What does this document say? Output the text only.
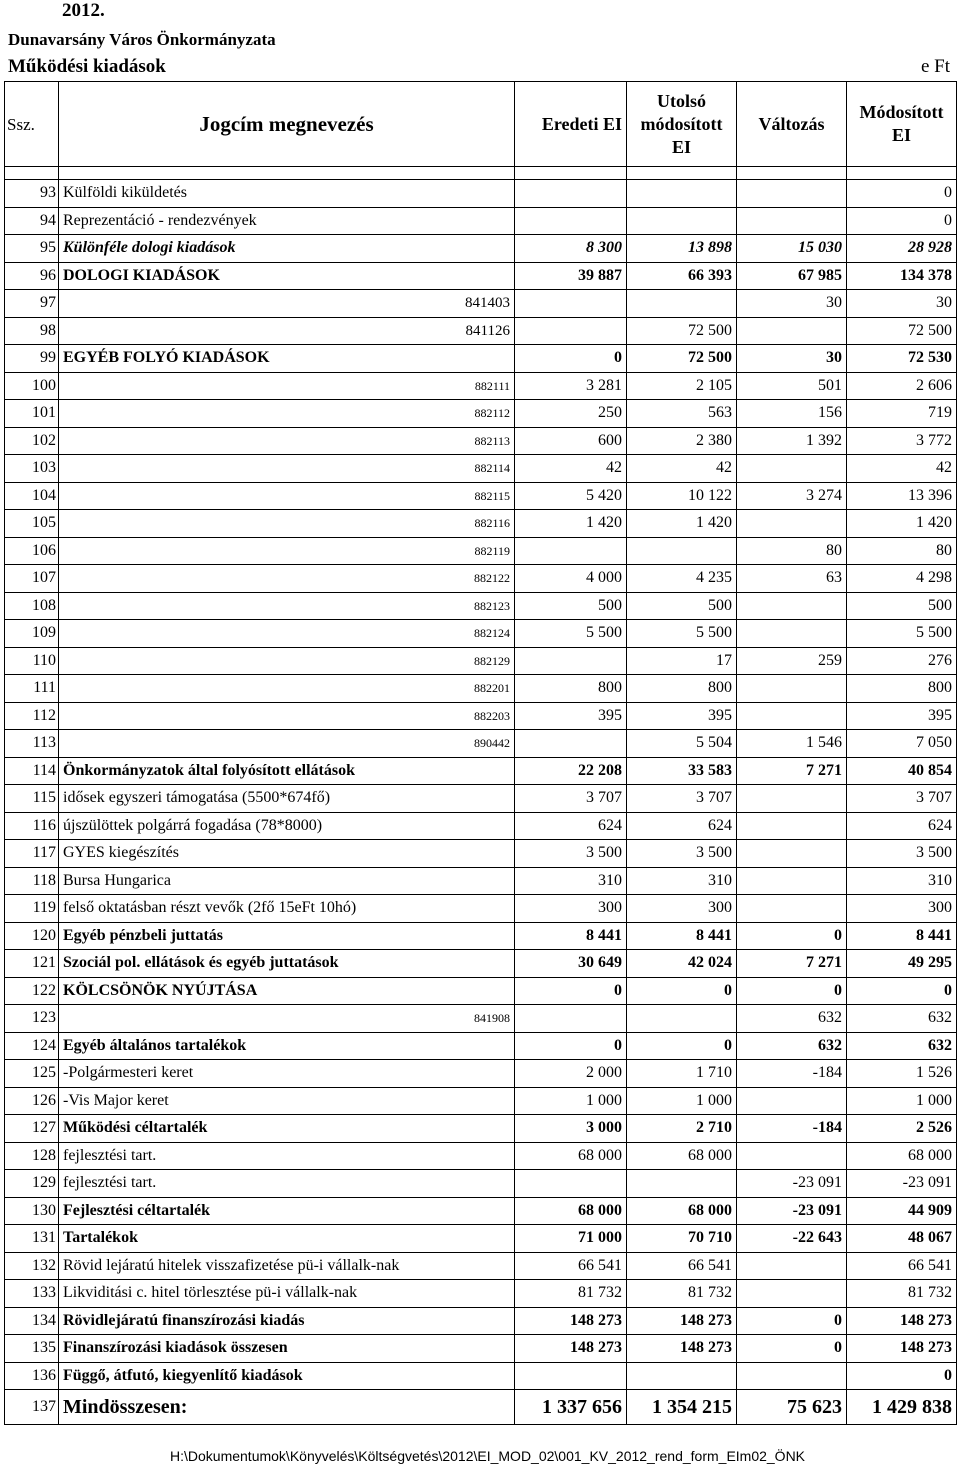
2012.
Dunavarsány Város Önkormányzata
Működési kiadások	e Ft
Ssz.	Jogcím megnevezés	Eredeti EI	Utolsó módosított EI	Változás	Módosított EI

93	Külföldi kiküldetés				0
94	Reprezentáció - rendezvények				0
95	Különféle dologi kiadások	8 300	13 898	15 030	28 928
96	DOLOGI KIADÁSOK	39 887	66 393	67 985	134 378
97	841403			30	30
98	841126		72 500		72 500
99	EGYÉB FOLYÓ KIADÁSOK	0	72 500	30	72 530
100	882111	3 281	2 105	501	2 606
101	882112	250	563	156	719
102	882113	600	2 380	1 392	3 772
103	882114	42	42		42
104	882115	5 420	10 122	3 274	13 396
105	882116	1 420	1 420		1 420
106	882119			80	80
107	882122	4 000	4 235	63	4 298
108	882123	500	500		500
109	882124	5 500	5 500		5 500
110	882129		17	259	276
111	882201	800	800		800
112	882203	395	395		395
113	890442		5 504	1 546	7 050
114	Önkormányzatok által folyósított ellátások	22 208	33 583	7 271	40 854
115	idősek egyszeri támogatása (5500*674fő)	3 707	3 707		3 707
116	újszülöttek polgárrá fogadása (78*8000)	624	624		624
117	GYES kiegészítés	3 500	3 500		3 500
118	Bursa Hungarica	310	310		310
119	felső oktatásban részt vevők (2fő 15eFt 10hó)	300	300		300
120	Egyéb pénzbeli juttatás	8 441	8 441	0	8 441
121	Szociál pol. ellátások és egyéb juttatások	30 649	42 024	7 271	49 295
122	KÖLCSÖNÖK NYÚJTÁSA	0	0	0	0
123	841908			632	632
124	Egyéb általános tartalékok	0	0	632	632
125	-Polgármesteri keret	2 000	1 710	-184	1 526
126	-Vis Major keret	1 000	1 000		1 000
127	Működési céltartalék	3 000	2 710	-184	2 526
128	fejlesztési tart.	68 000	68 000		68 000
129	fejlesztési tart.			-23 091	-23 091
130	Fejlesztési céltartalék	68 000	68 000	-23 091	44 909
131	Tartalékok	71 000	70 710	-22 643	48 067
132	Rövid lejáratú hitelek visszafizetése pü-i vállalk-nak	66 541	66 541		66 541
133	Likviditási c. hitel törlesztése pü-i vállalk-nak	81 732	81 732		81 732
134	Rövidlejáratú finanszírozási kiadás	148 273	148 273	0	148 273
135	Finanszírozási kiadások összesen	148 273	148 273	0	148 273
136	Függő, átfutó, kiegyenlítő kiadások				0
137	Mindösszesen:	1 337 656	1 354 215	75 623	1 429 838
H:\Dokumentumok\Könyvelés\Költségvetés\2012\EI_MOD_02\001_KV_2012_rend_form_EIm02_ÖNK
